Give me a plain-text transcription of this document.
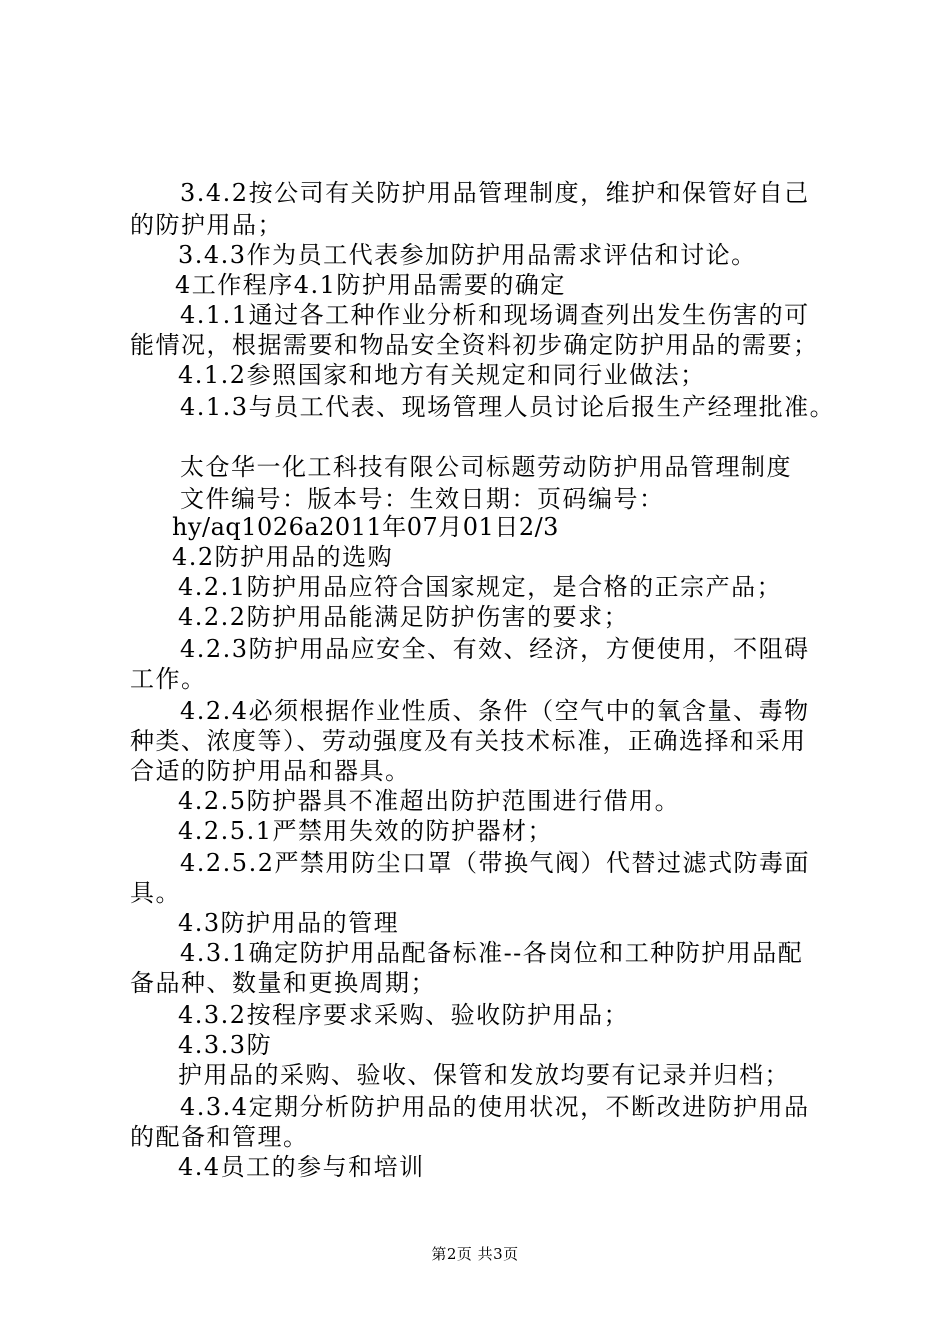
3.4.2按公司有关防护用品管理制度，维护和保管好自己
的防护用品；
3.4.3作为员工代表参加防护用品需求评估和讨论。
4工作程序4.1防护用品需要的确定
4.1.1通过各工种作业分析和现场调查列出发生伤害的可
能情况，根据需要和物品安全资料初步确定防护用品的需要；
4.1.2参照国家和地方有关规定和同行业做法；
4.1.3与员工代表、现场管理人员讨论后报生产经理批准。
太仓华一化工科技有限公司标题劳动防护用品管理制度
文件编号：版本号：生效日期：页码编号：
hy/aq1026a2011年07月01日2/3
4.2防护用品的选购
4.2.1防护用品应符合国家规定，是合格的正宗产品；
4.2.2防护用品能满足防护伤害的要求；
4.2.3防护用品应安全、有效、经济，方便使用，不阻碍
工作。
4.2.4必须根据作业性质、条件（空气中的氧含量、毒物
种类、浓度等）、劳动强度及有关技术标准，正确选择和采用
合适的防护用品和器具。
4.2.5防护器具不准超出防护范围进行借用。
4.2.5.1严禁用失效的防护器材；
4.2.5.2严禁用防尘口罩（带换气阀）代替过滤式防毒面
具。
4.3防护用品的管理
4.3.1确定防护用品配备标准--各岗位和工种防护用品配
备品种、数量和更换周期；
4.3.2按程序要求采购、验收防护用品；
4.3.3防
护用品的采购、验收、保管和发放均要有记录并归档；
4.3.4定期分析防护用品的使用状况，不断改进防护用品
的配备和管理。
4.4员工的参与和培训
第2页 共3页
